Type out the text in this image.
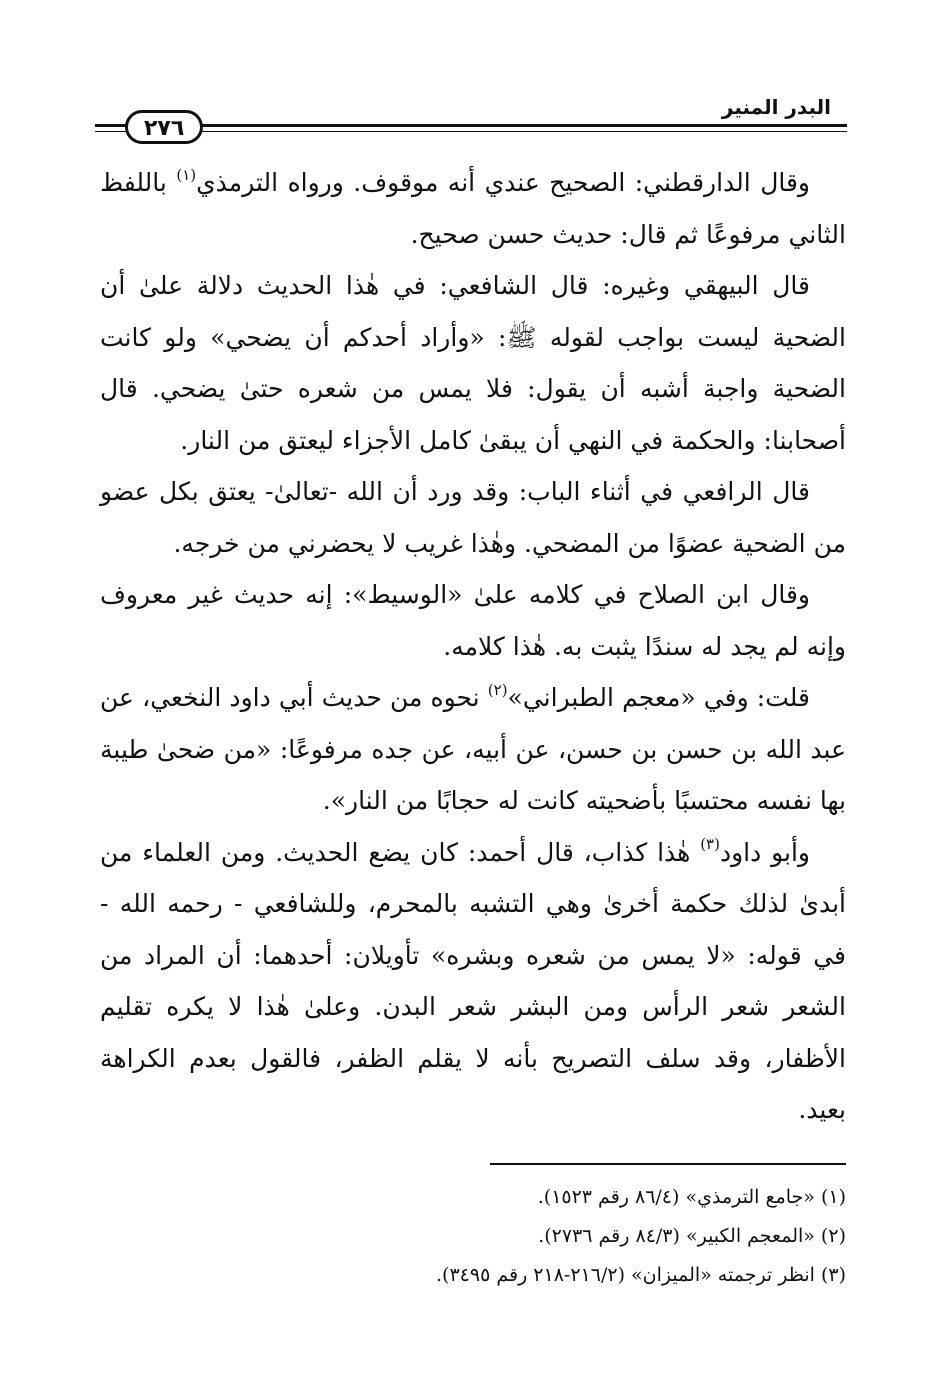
البدر المنير
٢٧٦

وقال الدارقطني: الصحيح عندي أنه موقوف. ورواه الترمذي$^{(١)}$ باللفظ الثاني مرفوعًا ثم قال: حديث حسن صحيح.

قال البيهقي وغيره: قال الشافعي: في هٰذا الحديث دلالة علىٰ أن الضحية ليست بواجب لقوله ﷺ: «وأراد أحدكم أن يضحي» ولو كانت الضحية واجبة أشبه أن يقول: فلا يمس من شعره حتىٰ يضحي. قال أصحابنا: والحكمة في النهي أن يبقىٰ كامل الأجزاء ليعتق من النار.

قال الرافعي في أثناء الباب: وقد ورد أن الله -تعالىٰ- يعتق بكل عضو من الضحية عضوًا من المضحي. وهٰذا غريب لا يحضرني من خرجه.

وقال ابن الصلاح في كلامه علىٰ «الوسيط»: إنه حديث غير معروف وإنه لم يجد له سندًا يثبت به. هٰذا كلامه.

قلت: وفي «معجم الطبراني»$^{(٢)}$ نحوه من حديث أبي داود النخعي، عن عبد الله بن حسن بن حسن، عن أبيه، عن جده مرفوعًا: «من ضحىٰ طيبة بها نفسه محتسبًا بأضحيته كانت له حجابًا من النار».

وأبو داود$^{(٣)}$ هٰذا كذاب، قال أحمد: كان يضع الحديث. ومن العلماء من أبدىٰ لذلك حكمة أخرىٰ وهي التشبه بالمحرم، وللشافعي - رحمه الله - في قوله: «لا يمس من شعره وبشره» تأويلان: أحدهما: أن المراد من الشعر شعر الرأس ومن البشر شعر البدن. وعلىٰ هٰذا لا يكره تقليم الأظفار، وقد سلف التصريح بأنه لا يقلم الظفر، فالقول بعدم الكراهة بعيد.

(١) «جامع الترمذي» (٨٦/٤ رقم ١٥٢٣).

(٢) «المعجم الكبير» (٨٤/٣ رقم ٢٧٣٦).

(٣) انظر ترجمته «الميزان» (٢١٦/٢-٢١٨ رقم ٣٤٩٥).
